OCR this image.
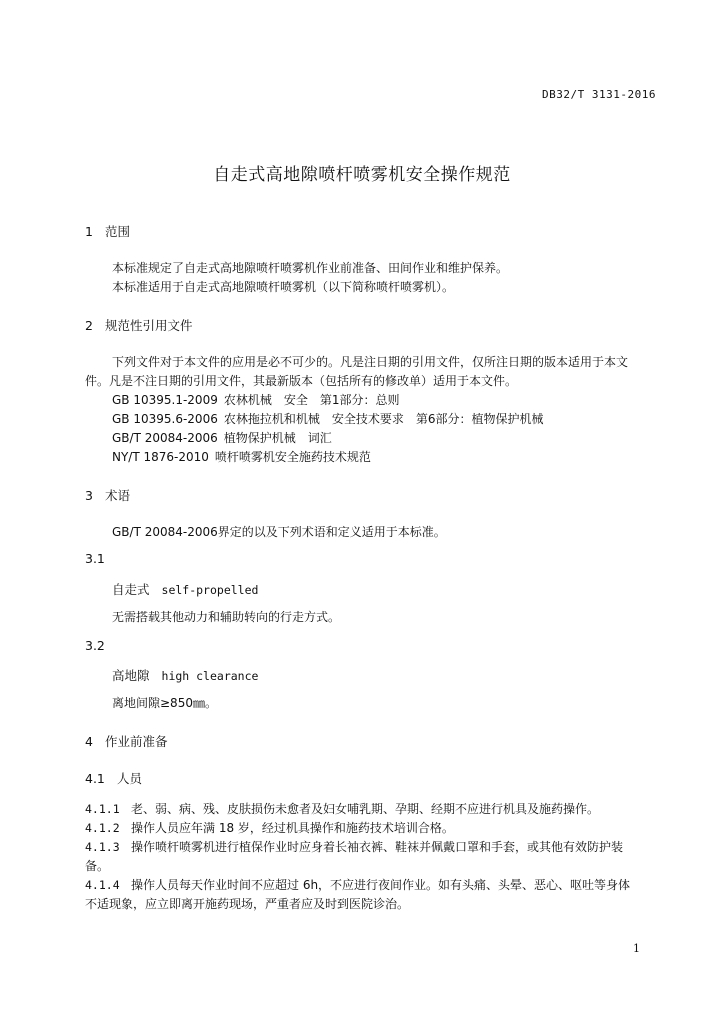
DB32/T 3131-2016
自走式高地隙喷杆喷雾机安全操作规范
1 范围
本标准规定了自走式高地隙喷杆喷雾机作业前准备、田间作业和维护保养。
本标准适用于自走式高地隙喷杆喷雾机（以下简称喷杆喷雾机）。
2 规范性引用文件
下列文件对于本文件的应用是必不可少的。凡是注日期的引用文件，仅所注日期的版本适用于本文
件。凡是不注日期的引用文件，其最新版本（包括所有的修改单）适用于本文件。
GB 10395.1-2009 农林机械　安全　第1部分：总则
GB 10395.6-2006 农林拖拉机和机械　安全技术要求　第6部分：植物保护机械
GB/T 20084-2006 植物保护机械　词汇
NY/T 1876-2010 喷杆喷雾机安全施药技术规范
3 术语
GB/T 20084-2006界定的以及下列术语和定义适用于本标准。
3.1
自走式 self-propelled
无需搭载其他动力和辅助转向的行走方式。
3.2
高地隙 high clearance
离地间隙≥850㎜。
4 作业前准备
4.1 人员
4.1.1 老、弱、病、残、皮肤损伤未愈者及妇女哺乳期、孕期、经期不应进行机具及施药操作。
4.1.2 操作人员应年满 18 岁，经过机具操作和施药技术培训合格。
4.1.3 操作喷杆喷雾机进行植保作业时应身着长袖衣裤、鞋袜并佩戴口罩和手套，或其他有效防护装
备。
4.1.4 操作人员每天作业时间不应超过 6h，不应进行夜间作业。如有头痛、头晕、恶心、呕吐等身体
不适现象，应立即离开施药现场，严重者应及时到医院诊治。
1
